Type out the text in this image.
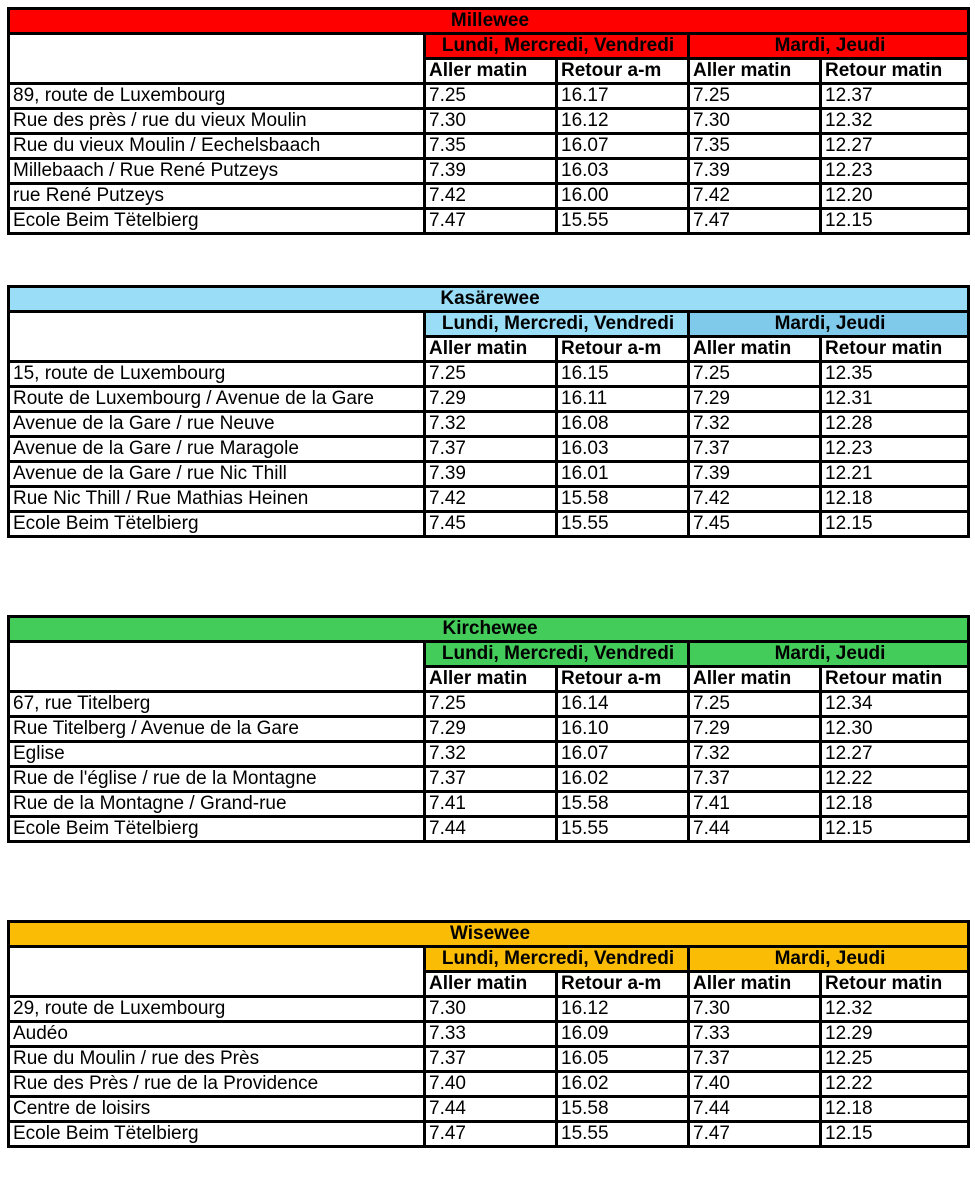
Millewee				
	Lundi, Mercredi, Vendredi		Mardi, Jeudi	
	Aller matin	Retour a-m	Aller matin	Retour matin
89, route de Luxembourg	7.25	16.17	7.25	12.37
Rue des près / rue du vieux Moulin	7.30	16.12	7.30	12.32
Rue du vieux Moulin / Eechelsbaach	7.35	16.07	7.35	12.27
Millebaach / Rue René Putzeys	7.39	16.03	7.39	12.23
rue René Putzeys	7.42	16.00	7.42	12.20
Ecole Beim Tëtelbierg	7.47	15.55	7.47	12.15
Kasärewee				
	Lundi, Mercredi, Vendredi		Mardi, Jeudi	
	Aller matin	Retour a-m	Aller matin	Retour matin
15, route de Luxembourg	7.25	16.15	7.25	12.35
Route de Luxembourg / Avenue de la Gare	7.29	16.11	7.29	12.31
Avenue de la Gare / rue Neuve	7.32	16.08	7.32	12.28
Avenue de la Gare / rue Maragole	7.37	16.03	7.37	12.23
Avenue de la Gare / rue Nic Thill	7.39	16.01	7.39	12.21
Rue Nic Thill / Rue Mathias Heinen	7.42	15.58	7.42	12.18
Ecole Beim Tëtelbierg	7.45	15.55	7.45	12.15
Kirchewee				
	Lundi, Mercredi, Vendredi		Mardi, Jeudi	
	Aller matin	Retour a-m	Aller matin	Retour matin
67, rue Titelberg	7.25	16.14	7.25	12.34
Rue Titelberg / Avenue de la Gare	7.29	16.10	7.29	12.30
Eglise	7.32	16.07	7.32	12.27
Rue de l'église / rue de la Montagne	7.37	16.02	7.37	12.22
Rue de la Montagne / Grand-rue	7.41	15.58	7.41	12.18
Ecole Beim Tëtelbierg	7.44	15.55	7.44	12.15
Wisewee				
	Lundi, Mercredi, Vendredi		Mardi, Jeudi	
	Aller matin	Retour a-m	Aller matin	Retour matin
29, route de Luxembourg	7.30	16.12	7.30	12.32
Audéo	7.33	16.09	7.33	12.29
Rue du Moulin / rue des Près	7.37	16.05	7.37	12.25
Rue des Près / rue de la Providence	7.40	16.02	7.40	12.22
Centre de loisirs	7.44	15.58	7.44	12.18
Ecole Beim Tëtelbierg	7.47	15.55	7.47	12.15
